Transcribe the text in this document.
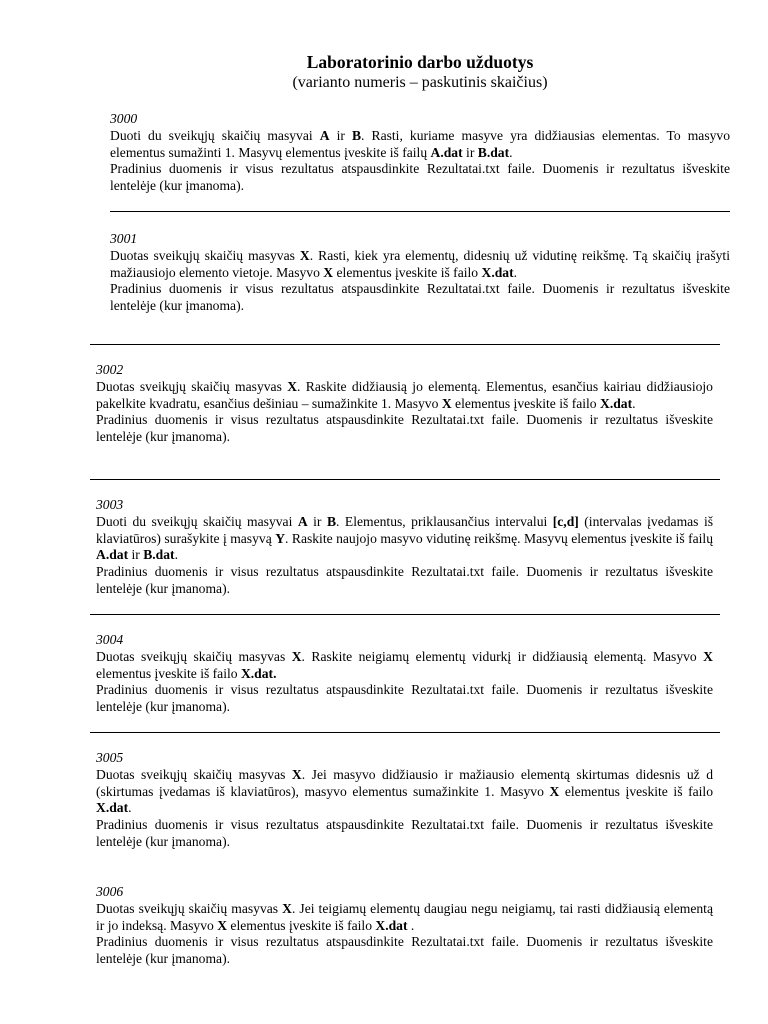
Laboratorinio darbo užduotys
(varianto numeris – paskutinis skaičius)
3000

Duoti du sveikųjų skaičių masyvai A ir B. Rasti, kuriame masyve yra didžiausias elementas. To masyvo elementus sumažinti 1. Masyvų elementus įveskite iš failų A.dat ir B.dat.

Pradinius duomenis ir visus rezultatus atspausdinkite Rezultatai.txt faile. Duomenis ir rezultatus išveskite lentelėje (kur įmanoma).

3001

Duotas sveikųjų skaičių masyvas X. Rasti, kiek yra elementų, didesnių už vidutinę reikšmę. Tą skaičių įrašyti mažiausiojo elemento vietoje. Masyvo X elementus įveskite iš failo X.dat.

Pradinius duomenis ir visus rezultatus atspausdinkite Rezultatai.txt faile. Duomenis ir rezultatus išveskite lentelėje (kur įmanoma).

3002

Duotas sveikųjų skaičių masyvas X. Raskite didžiausią jo elementą. Elementus, esančius kairiau didžiausiojo pakelkite kvadratu, esančius dešiniau – sumažinkite 1. Masyvo X elementus įveskite iš failo X.dat.

Pradinius duomenis ir visus rezultatus atspausdinkite Rezultatai.txt faile. Duomenis ir rezultatus išveskite lentelėje (kur įmanoma).

3003

Duoti du sveikųjų skaičių masyvai A ir B. Elementus, priklausančius intervalui [c,d] (intervalas įvedamas iš klaviatūros) surašykite į masyvą Y. Raskite naujojo masyvo vidutinę reikšmę. Masyvų elementus įveskite iš failų A.dat ir B.dat.

Pradinius duomenis ir visus rezultatus atspausdinkite Rezultatai.txt faile. Duomenis ir rezultatus išveskite lentelėje (kur įmanoma).

3004

Duotas sveikųjų skaičių masyvas X. Raskite neigiamų elementų vidurkį ir didžiausią elementą. Masyvo X elementus įveskite iš failo X.dat.

Pradinius duomenis ir visus rezultatus atspausdinkite Rezultatai.txt faile. Duomenis ir rezultatus išveskite lentelėje (kur įmanoma).

3005

Duotas sveikųjų skaičių masyvas X. Jei masyvo didžiausio ir mažiausio elementą skirtumas didesnis už d (skirtumas įvedamas iš klaviatūros), masyvo elementus sumažinkite 1. Masyvo X elementus įveskite iš failo X.dat.

Pradinius duomenis ir visus rezultatus atspausdinkite Rezultatai.txt faile. Duomenis ir rezultatus išveskite lentelėje (kur įmanoma).

3006

Duotas sveikųjų skaičių masyvas X. Jei teigiamų elementų daugiau negu neigiamų, tai rasti didžiausią elementą ir jo indeksą. Masyvo X elementus įveskite iš failo X.dat .

Pradinius duomenis ir visus rezultatus atspausdinkite Rezultatai.txt faile. Duomenis ir rezultatus išveskite lentelėje (kur įmanoma).
